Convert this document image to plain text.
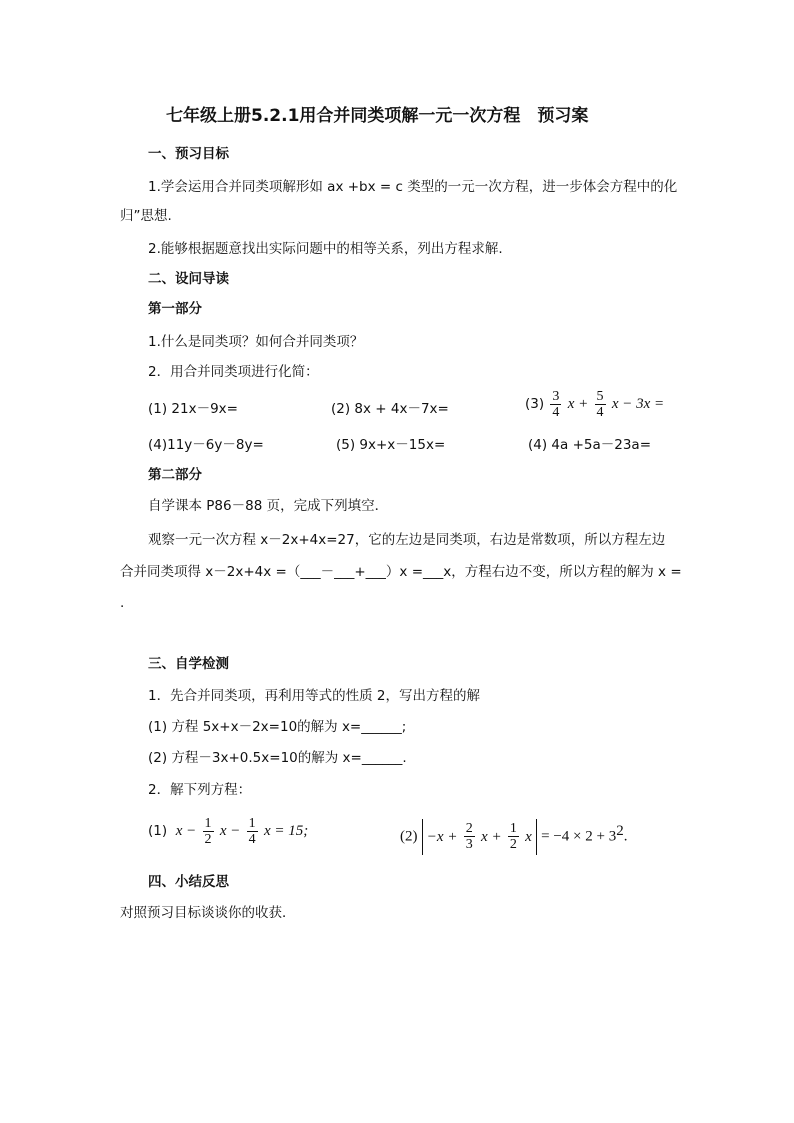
七年级上册5.2.1用合并同类项解一元一次方程　预习案
一、预习目标
1.学会运用合并同类项解形如 ax +bx = c 类型的一元一次方程，进一步体会方程中的化
归”思想.
2.能够根据题意找出实际问题中的相等关系，列出方程求解.
二、设问导读
第一部分
1.什么是同类项？如何合并同类项？
2．用合并同类项进行化简：
(1) 21x－9x=	(2) 8x + 4x－7x=	$(3) \frac{3}{4}$ $x + \frac{5}{4}$ x − 3x =
(4)11y－6y－8y=	(5) 9x+x－15x=	(4) 4a +5a－23a=
第二部分
自学课本 P86－88 页，完成下列填空．
观察一元一次方程 x－2x+4x=27，它的左边是同类项，右边是常数项，所以方程左边
合并同类项得 x－2x+4x =（___－___+___）x =___x，方程右边不变，所以方程的解为 x =
.
三、自学检测
1．先合并同类项，再利用等式的性质 2，写出方程的解
(1) 方程 5x+x－2x=10的解为 x=______;
(2) 方程－3x+0.5x=10的解为 x=______.
2．解下列方程：
(1) $x - \frac{1}{2}$ $x - \frac{1}{4}$ x = 15;	$(2) -x + \frac{2}{3}$ $x + \frac{1}{2}$ $x = -4 \times 2 + 3^2$.
四、小结反思
对照预习目标谈谈你的收获．
